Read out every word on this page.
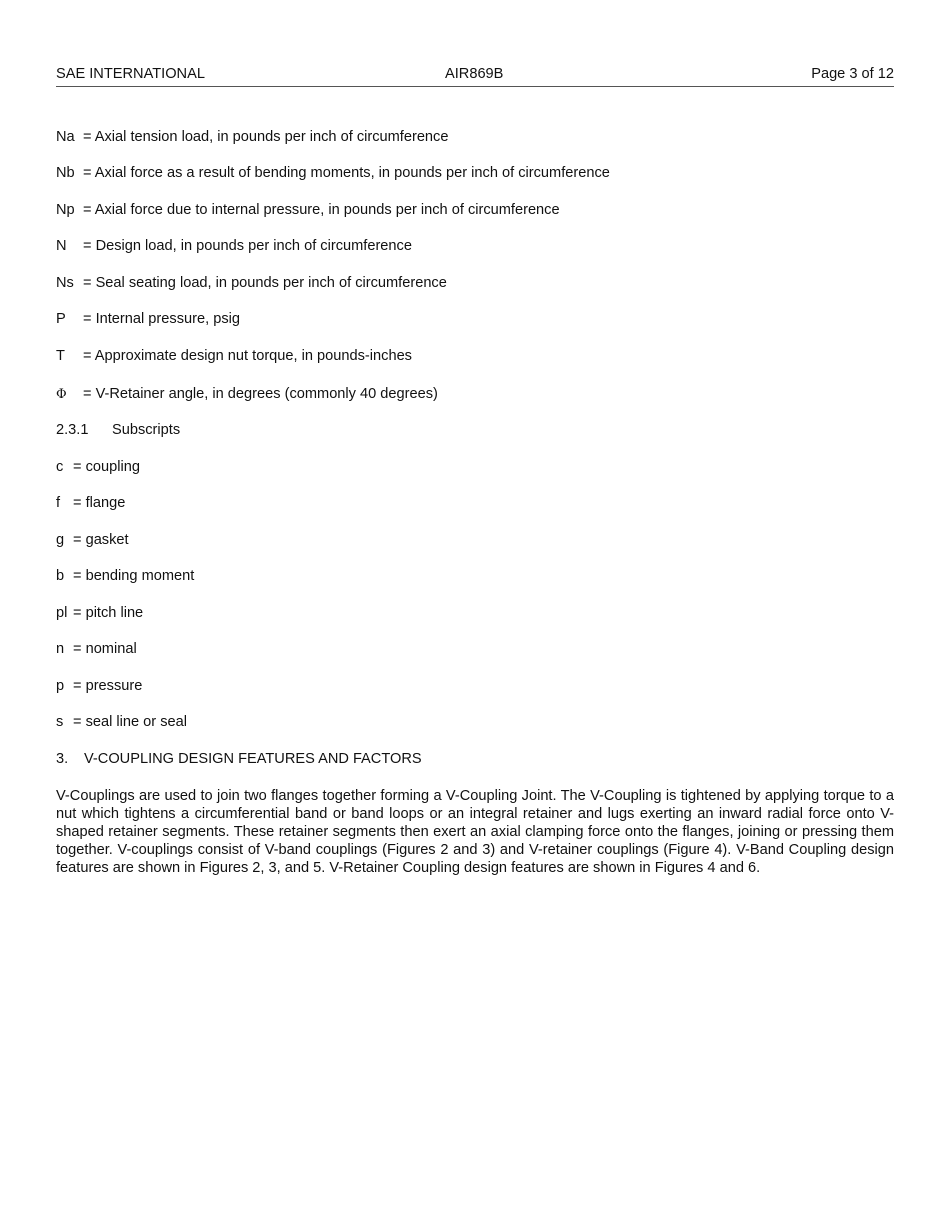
SAE INTERNATIONAL	AIR869B	Page 3 of 12
Na = Axial tension load, in pounds per inch of circumference
Nb = Axial force as a result of bending moments, in pounds per inch of circumference
Np = Axial force due to internal pressure, in pounds per inch of circumference
N = Design load, in pounds per inch of circumference
Ns = Seal seating load, in pounds per inch of circumference
P = Internal pressure, psig
T = Approximate design nut torque, in pounds-inches
Φ = V-Retainer angle, in degrees (commonly 40 degrees)
2.3.1 Subscripts
c = coupling
f = flange
g = gasket
b = bending moment
pl = pitch line
n = nominal
p = pressure
s = seal line or seal
3. V-COUPLING DESIGN FEATURES AND FACTORS

V-Couplings are used to join two flanges together forming a V-Coupling Joint. The V-Coupling is tightened by applying torque to a nut which tightens a circumferential band or band loops or an integral retainer and lugs exerting an inward radial force onto V-shaped retainer segments. These retainer segments then exert an axial clamping force onto the flanges, joining or pressing them together. V-couplings consist of V-band couplings (Figures 2 and 3) and V-retainer couplings (Figure 4). V-Band Coupling design features are shown in Figures 2, 3, and 5. V-Retainer Coupling design features are shown in Figures 4 and 6.
